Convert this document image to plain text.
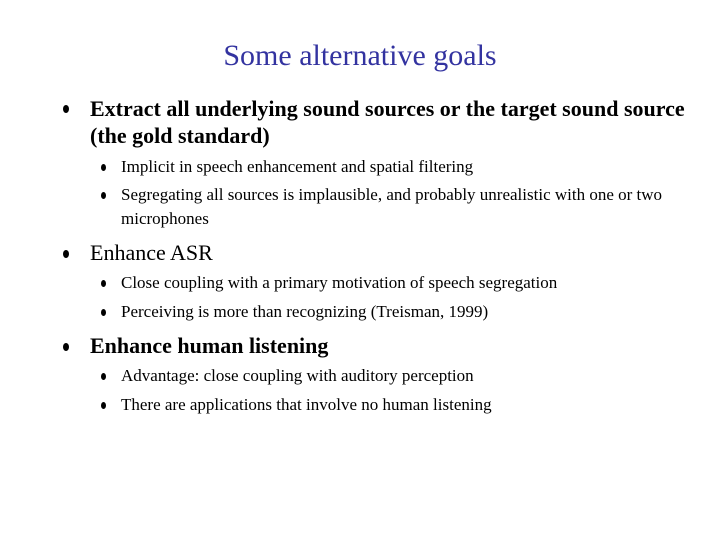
Some alternative goals
Extract all underlying sound sources or the target sound source (the gold standard)
Implicit in speech enhancement and spatial filtering
Segregating all sources is implausible, and probably unrealistic with one or two microphones
Enhance ASR
Close coupling with a primary motivation of speech segregation
Perceiving is more than recognizing (Treisman, 1999)
Enhance human listening
Advantage: close coupling with auditory perception
There are applications that involve no human listening
